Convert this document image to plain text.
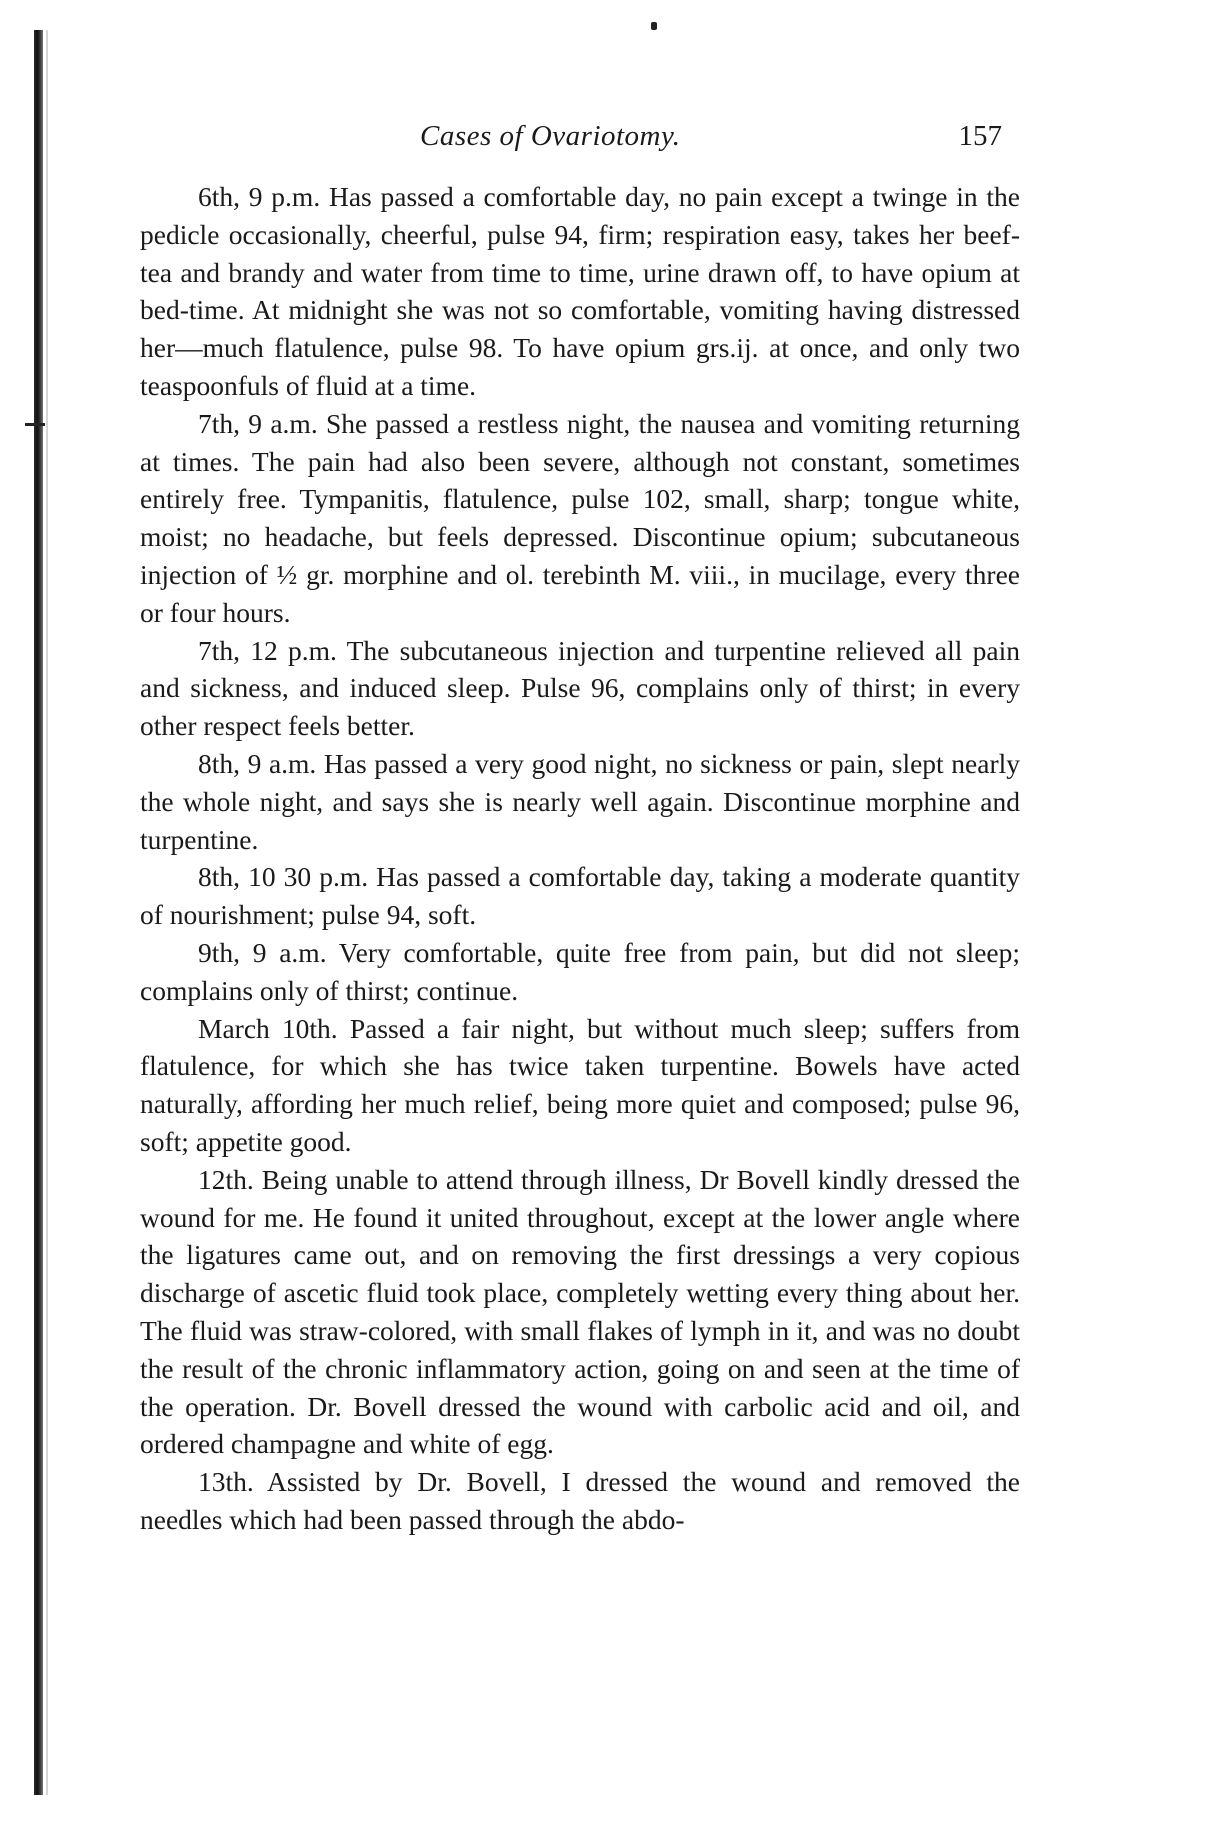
Cases of Ovariotomy.	157

6th, 9 p.m. Has passed a comfortable day, no pain except a twinge in the pedicle occasionally, cheerful, pulse 94, firm; respiration easy, takes her beef-tea and brandy and water from time to time, urine drawn off, to have opium at bed-time. At midnight she was not so comfortable, vomiting having distressed her—much flatulence, pulse 98. To have opium grs.ij. at once, and only two teaspoonfuls of fluid at a time.

7th, 9 a.m. She passed a restless night, the nausea and vomiting returning at times. The pain had also been severe, although not constant, sometimes entirely free. Tympanitis, flatulence, pulse 102, small, sharp; tongue white, moist; no headache, but feels depressed. Discontinue opium; subcutaneous injection of ½ gr. morphine and ol. terebinth M. viii., in mucilage, every three or four hours.

7th, 12 p.m. The subcutaneous injection and turpentine relieved all pain and sickness, and induced sleep. Pulse 96, complains only of thirst; in every other respect feels better.

8th, 9 a.m. Has passed a very good night, no sickness or pain, slept nearly the whole night, and says she is nearly well again. Discontinue morphine and turpentine.

8th, 10 30 p.m. Has passed a comfortable day, taking a moderate quantity of nourishment; pulse 94, soft.

9th, 9 a.m. Very comfortable, quite free from pain, but did not sleep; complains only of thirst; continue.

March 10th. Passed a fair night, but without much sleep; suffers from flatulence, for which she has twice taken turpentine. Bowels have acted naturally, affording her much relief, being more quiet and composed; pulse 96, soft; appetite good.

12th. Being unable to attend through illness, Dr Bovell kindly dressed the wound for me. He found it united throughout, except at the lower angle where the ligatures came out, and on removing the first dressings a very copious discharge of ascetic fluid took place, completely wetting every thing about her. The fluid was straw-colored, with small flakes of lymph in it, and was no doubt the result of the chronic inflammatory action, going on and seen at the time of the operation. Dr. Bovell dressed the wound with carbolic acid and oil, and ordered champagne and white of egg.

13th. Assisted by Dr. Bovell, I dressed the wound and removed the needles which had been passed through the abdo-
